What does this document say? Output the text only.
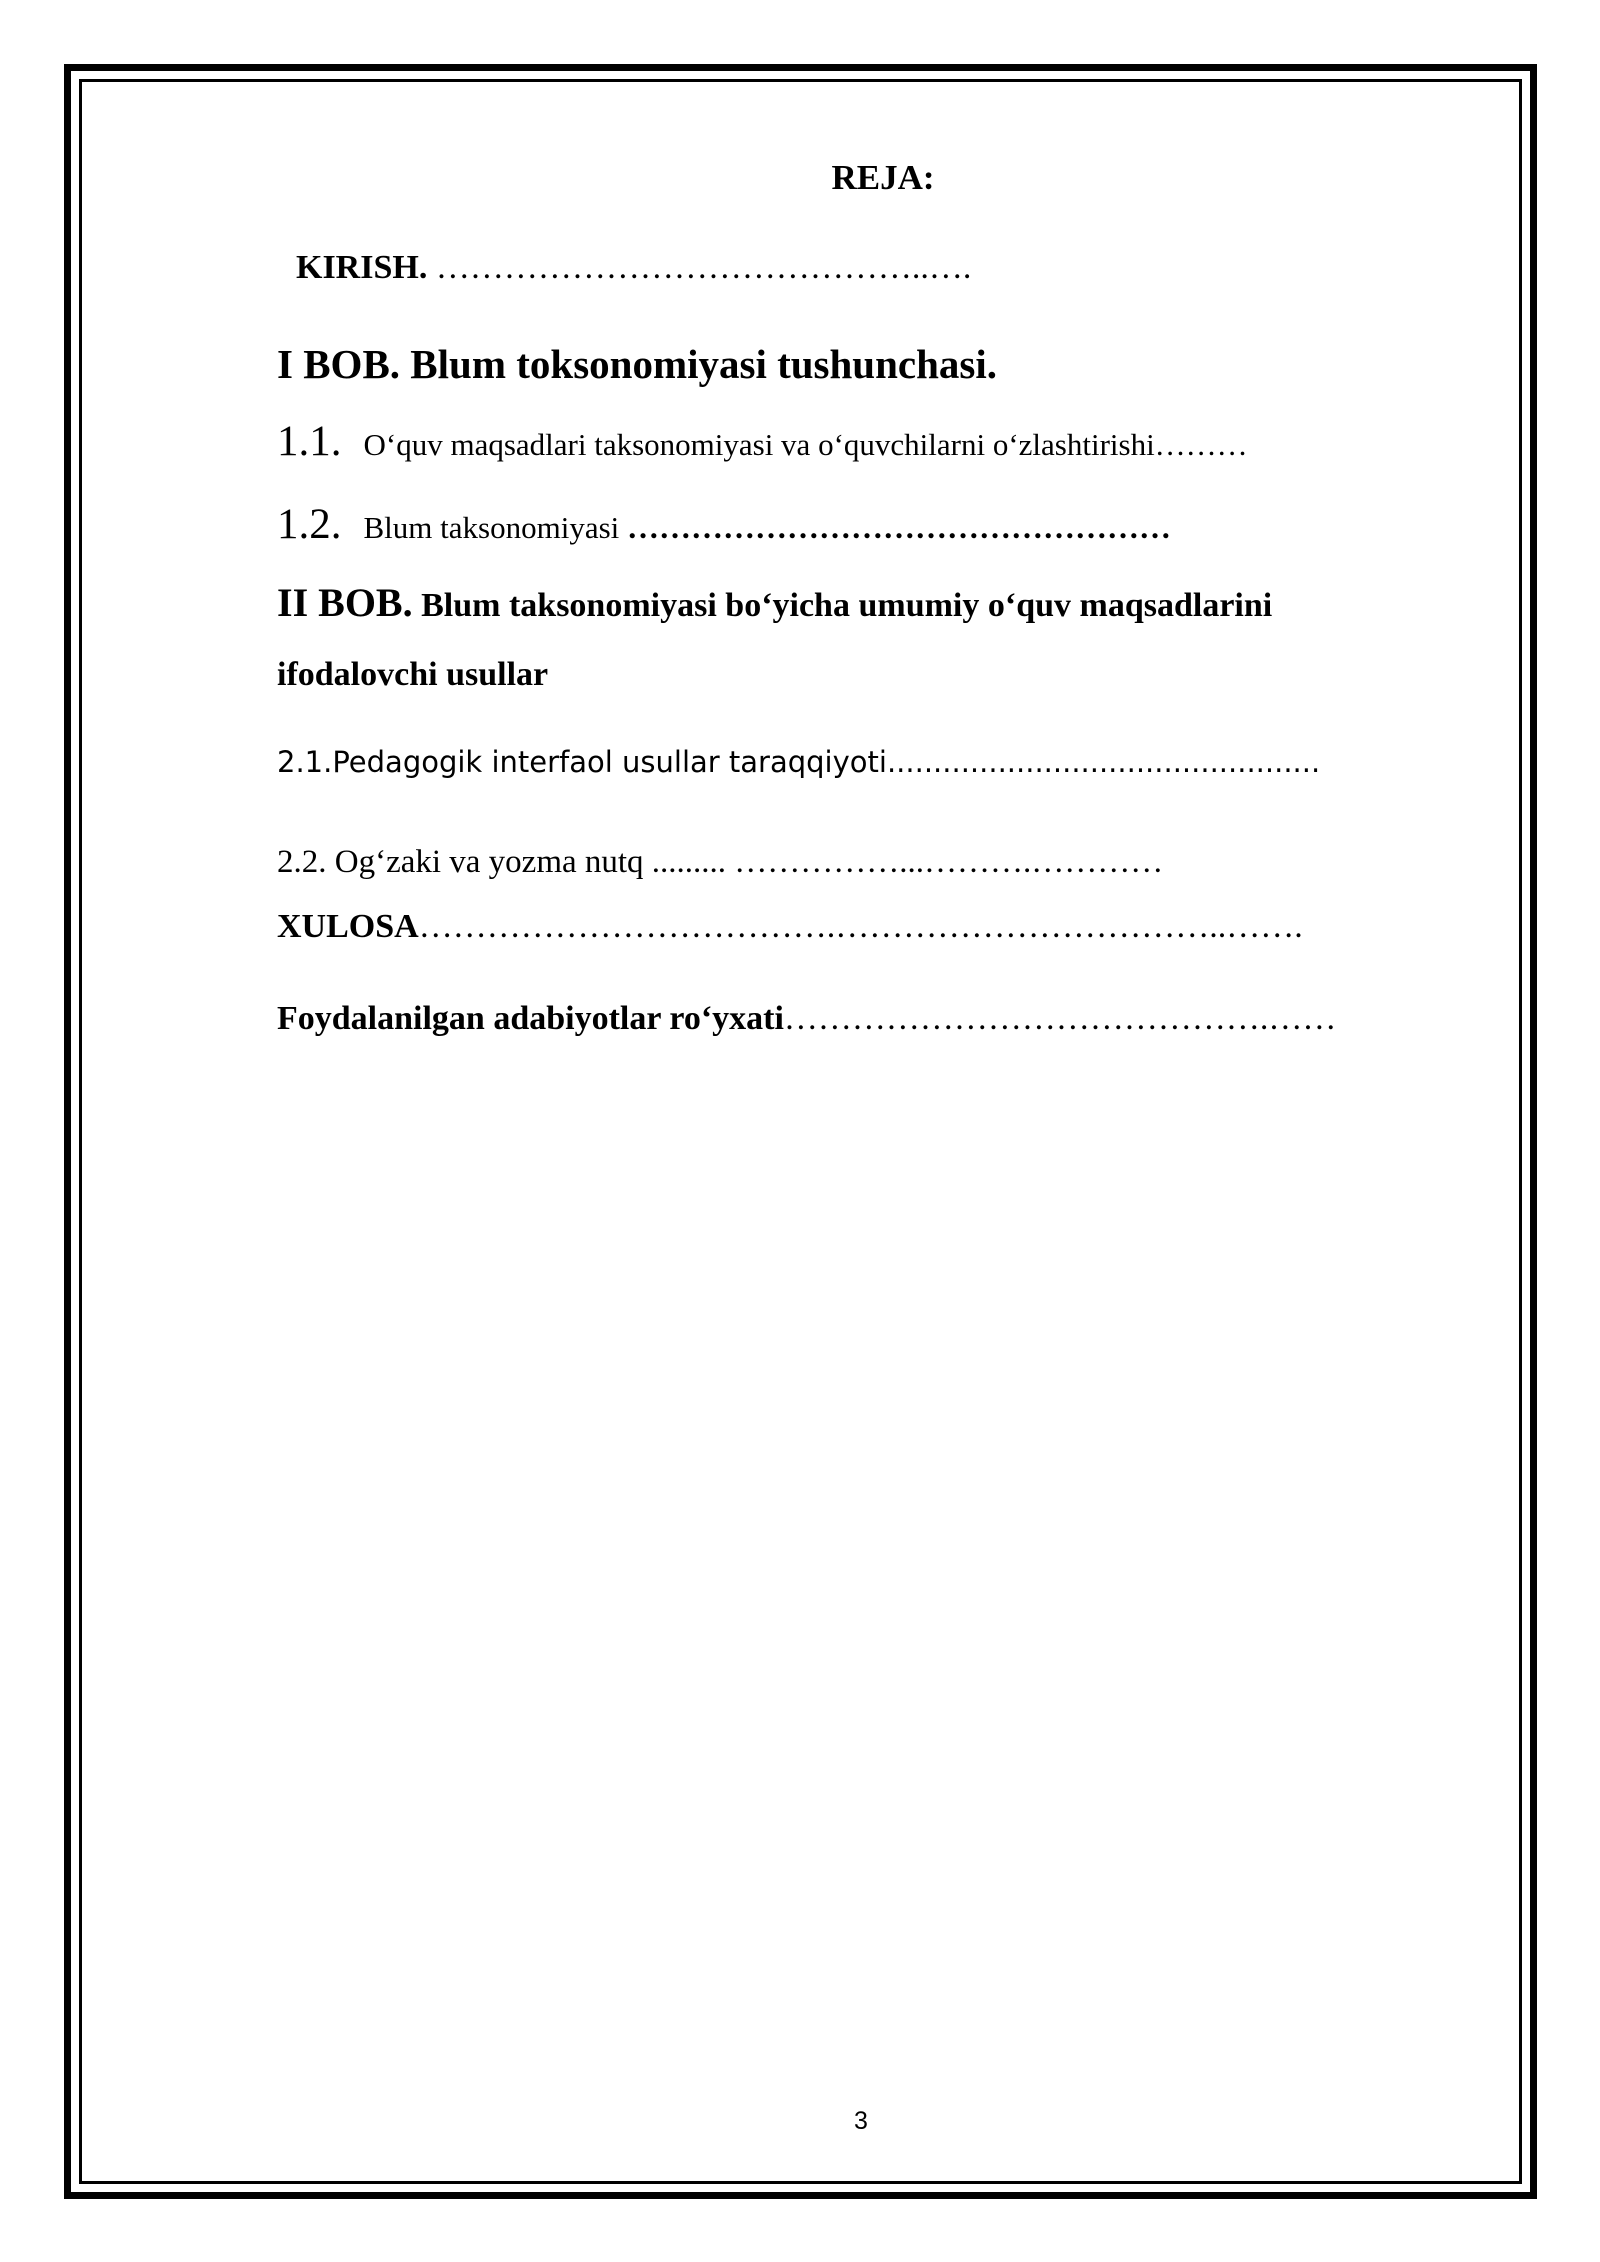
REJA:
KIRISH. ……………………………………..….
I BOB. Blum toksonomiyasi tushunchasi.
1.1. O‘quv maqsadlari taksonomiyasi va o‘quvchilarni o‘zlashtirishi………
1.2. Blum taksonomiyasi ……………………………………………
II BOB. Blum taksonomiyasi bo‘yicha umumiy o‘quv maqsadlarini
ifodalovchi usullar
2.1.Pedagogik interfaol usullar taraqqiyoti...............................................
2.2. Og‘zaki va yozma nutq ......... ……………...……….…………
XULOSA……………………………….……………………………..…….
Foydalanilgan adabiyotlar ro‘yxati…………………………………….……
3
